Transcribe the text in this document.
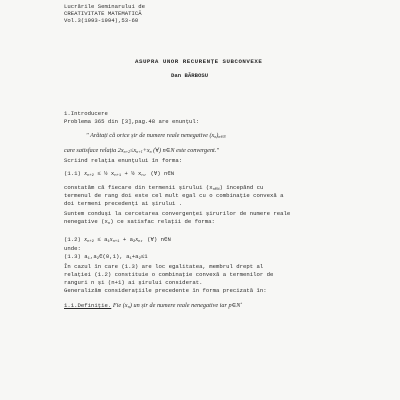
Lucrările Seminarului de
CREATIVITATE MATEMATICĂ
Vol.3(1993-1994),53-60
ASUPRA UNOR RECURENȚE SUBCONVEXE
Dan BĂRBOSU
1.Introducere
Problema 365 din [3],pag.48 are enunțul:
" Arătați că orice șir de numere reale nenegative (xn)n∈N
care satisface relația 2xn+2≤xn+1+xn (∀) n∈N este convergent."
Scriind relația enunțului în forma:
(1.1) xn+2 ≤ ½ xn+1 + ½ xn, (∀) n∈N
constatăm că fiecare din termenii șirului (xn∈N) începând cu
termenul de rang doi este cel mult egal cu o combinație convexă a
doi termeni precedenți ai șirului .
Suntem conduși la cercetarea convergenței șirurilor de numere reale
nenegative (xn) ce satisfac relații de forma:
(1.2) xn+2 ≤ a1xn+1 + a2xn, (∀) n∈N
unde:
(1.3) a1,a2∈(0,1), a1+a2≤1
În cazul în care (1.3) are loc egalitatea, membrul drept al
relației (1.2) constituie o combinație convexă a termenilor de
ranguri n și (n+1) ai șirului considerat.
Generalizăm considerațiile precedente în forma precizată în:
1.1.Definiție. Fie (xn) un șir de numere reale nenegative iar p∈N*
